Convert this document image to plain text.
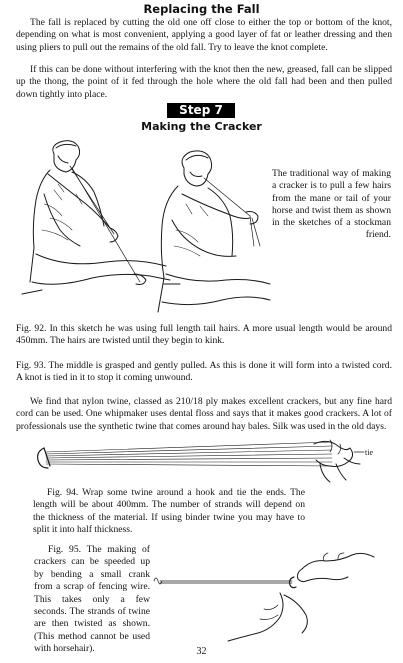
Replacing the Fall

The fall is replaced by cutting the old one off close to either the top or bottom of the knot, depending on what is most convenient, applying a good layer of fat or leather dressing and then using pliers to pull out the remains of the old fall. Try to leave the knot complete.

If this can be done without interfering with the knot then the new, greased, fall can be slipped up the thong, the point of it fed through the hole where the old fall had been and then pulled down tightly into place.

Step 7
Making the Cracker

The traditional way of making a cracker is to pull a few hairs from the mane or tail of your horse and twist them as shown in the sketches of a stockman friend.

Fig. 92. In this sketch he was using full length tail hairs. A more usual length would be around 450mm. The hairs are twisted until they begin to kink.

Fig. 93. The middle is grasped and gently pulled. As this is done it will form into a twisted cord. A knot is tied in it to stop it coming unwound.

We find that nylon twine, classed as 210/18 ply makes excellent crackers, but any fine hard cord can be used. One whipmaker uses dental floss and says that it makes good crackers. A lot of professionals use the synthetic twine that comes around hay bales. Silk was used in the old days.

tie

Fig. 94. Wrap some twine around a hook and tie the ends. The length will be about 400mm. The number of strands will depend on the thickness of the material. If using binder twine you may have to split it into half thickness.

Fig. 95. The making of crackers can be speeded up by bending a small crank from a scrap of fencing wire. This takes only a few seconds. The strands of twine are then twisted as shown. (This method cannot be used with horsehair).	32
